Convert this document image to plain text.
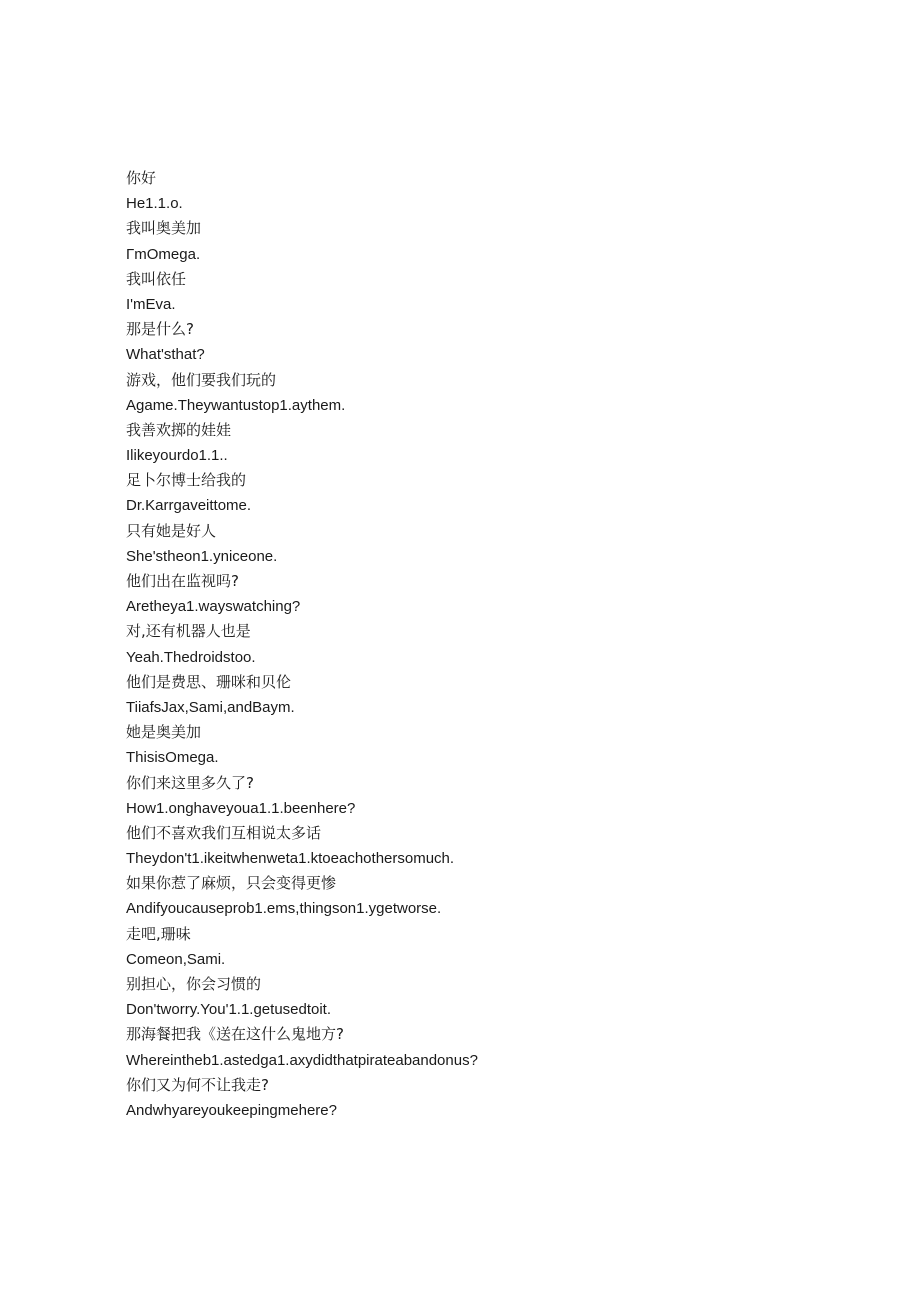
你好
He1.1.o.
我叫奥美加
ΓmOmega.
我叫依任
I'mEva.
那是什么?
What'sthat?
游戏，他们要我们玩的
Agame.Theywantustop1.aythem.
我善欢掷的娃娃
Ilikeyourdo1.1..
足卜尔博士给我的
Dr.Karrgaveittome.
只有她是好人
She'stheon1.yniceone.
他们出在监视吗?
Aretheya1.wayswatching?
对,还有机器人也是
Yeah.Thedroidstoo.
他们是费思、珊咪和贝伦
TiiafsJax,Sami,andBaym.
她是奥美加
ThisisOmega.
你们来这里多久了?
How1.onghaveyoua1.1.beenhere?
他们不喜欢我们互相说太多话
Theydon't1.ikeitwhenweta1.ktoeachothersomuch.
如果你惹了麻烦，只会变得更惨
Andifyoucauseprob1.ems,thingson1.ygetworse.
走吧,珊味
Comeon,Sami.
别担心，你会习惯的
Don'tworry.You'1.1.getusedtoit.
那海餐把我《送在这什么鬼地方?
Whereintheb1.astedga1.axydidthatpirateabandonus?
你们又为何不让我走?
Andwhyareyoukeepingmehere?
